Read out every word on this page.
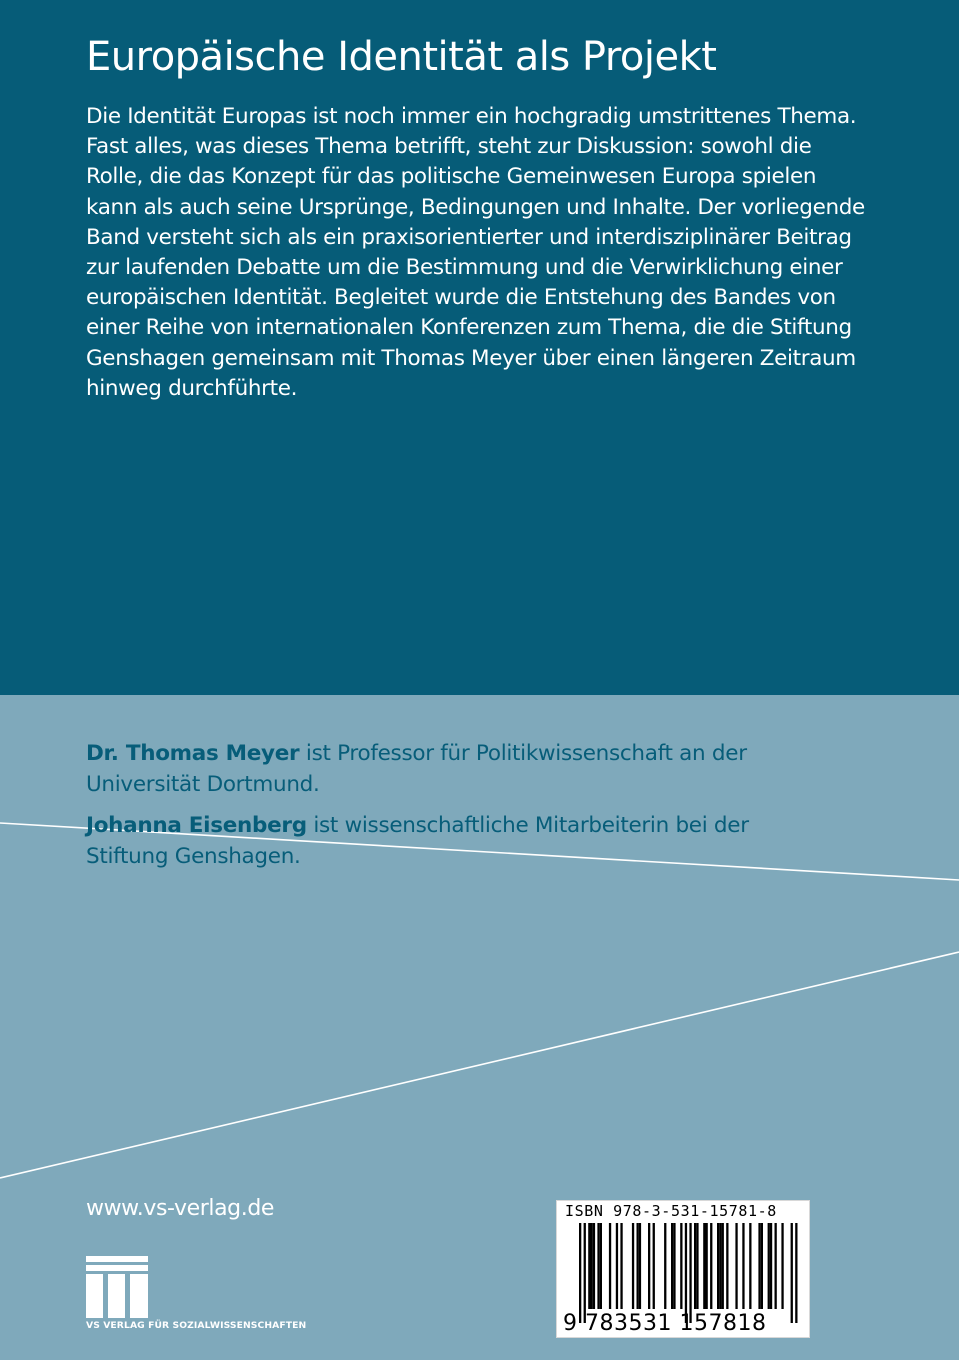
Europäische Identität als Projekt

Die Identität Europas ist noch immer ein hochgradig umstrittenes Thema.
Fast alles, was dieses Thema betrifft, steht zur Diskussion: sowohl die
Rolle, die das Konzept für das politische Gemeinwesen Europa spielen
kann als auch seine Ursprünge, Bedingungen und Inhalte. Der vorliegende
Band versteht sich als ein praxisorientierter und interdisziplinärer Beitrag
zur laufenden Debatte um die Bestimmung und die Verwirklichung einer
europäischen Identität. Begleitet wurde die Entstehung des Bandes von
einer Reihe von internationalen Konferenzen zum Thema, die die Stiftung
Genshagen gemeinsam mit Thomas Meyer über einen längeren Zeitraum
hinweg durchführte.

Dr. Thomas Meyer ist Professor für Politikwissenschaft an der
Universität Dortmund.

Johanna Eisenberg ist wissenschaftliche Mitarbeiterin bei der
Stiftung Genshagen.

www.vs-verlag.de
VS VERLAG FÜR SOZIALWISSENSCHAFTEN
ISBN 978-3-531-15781-8
9 783531 157818
